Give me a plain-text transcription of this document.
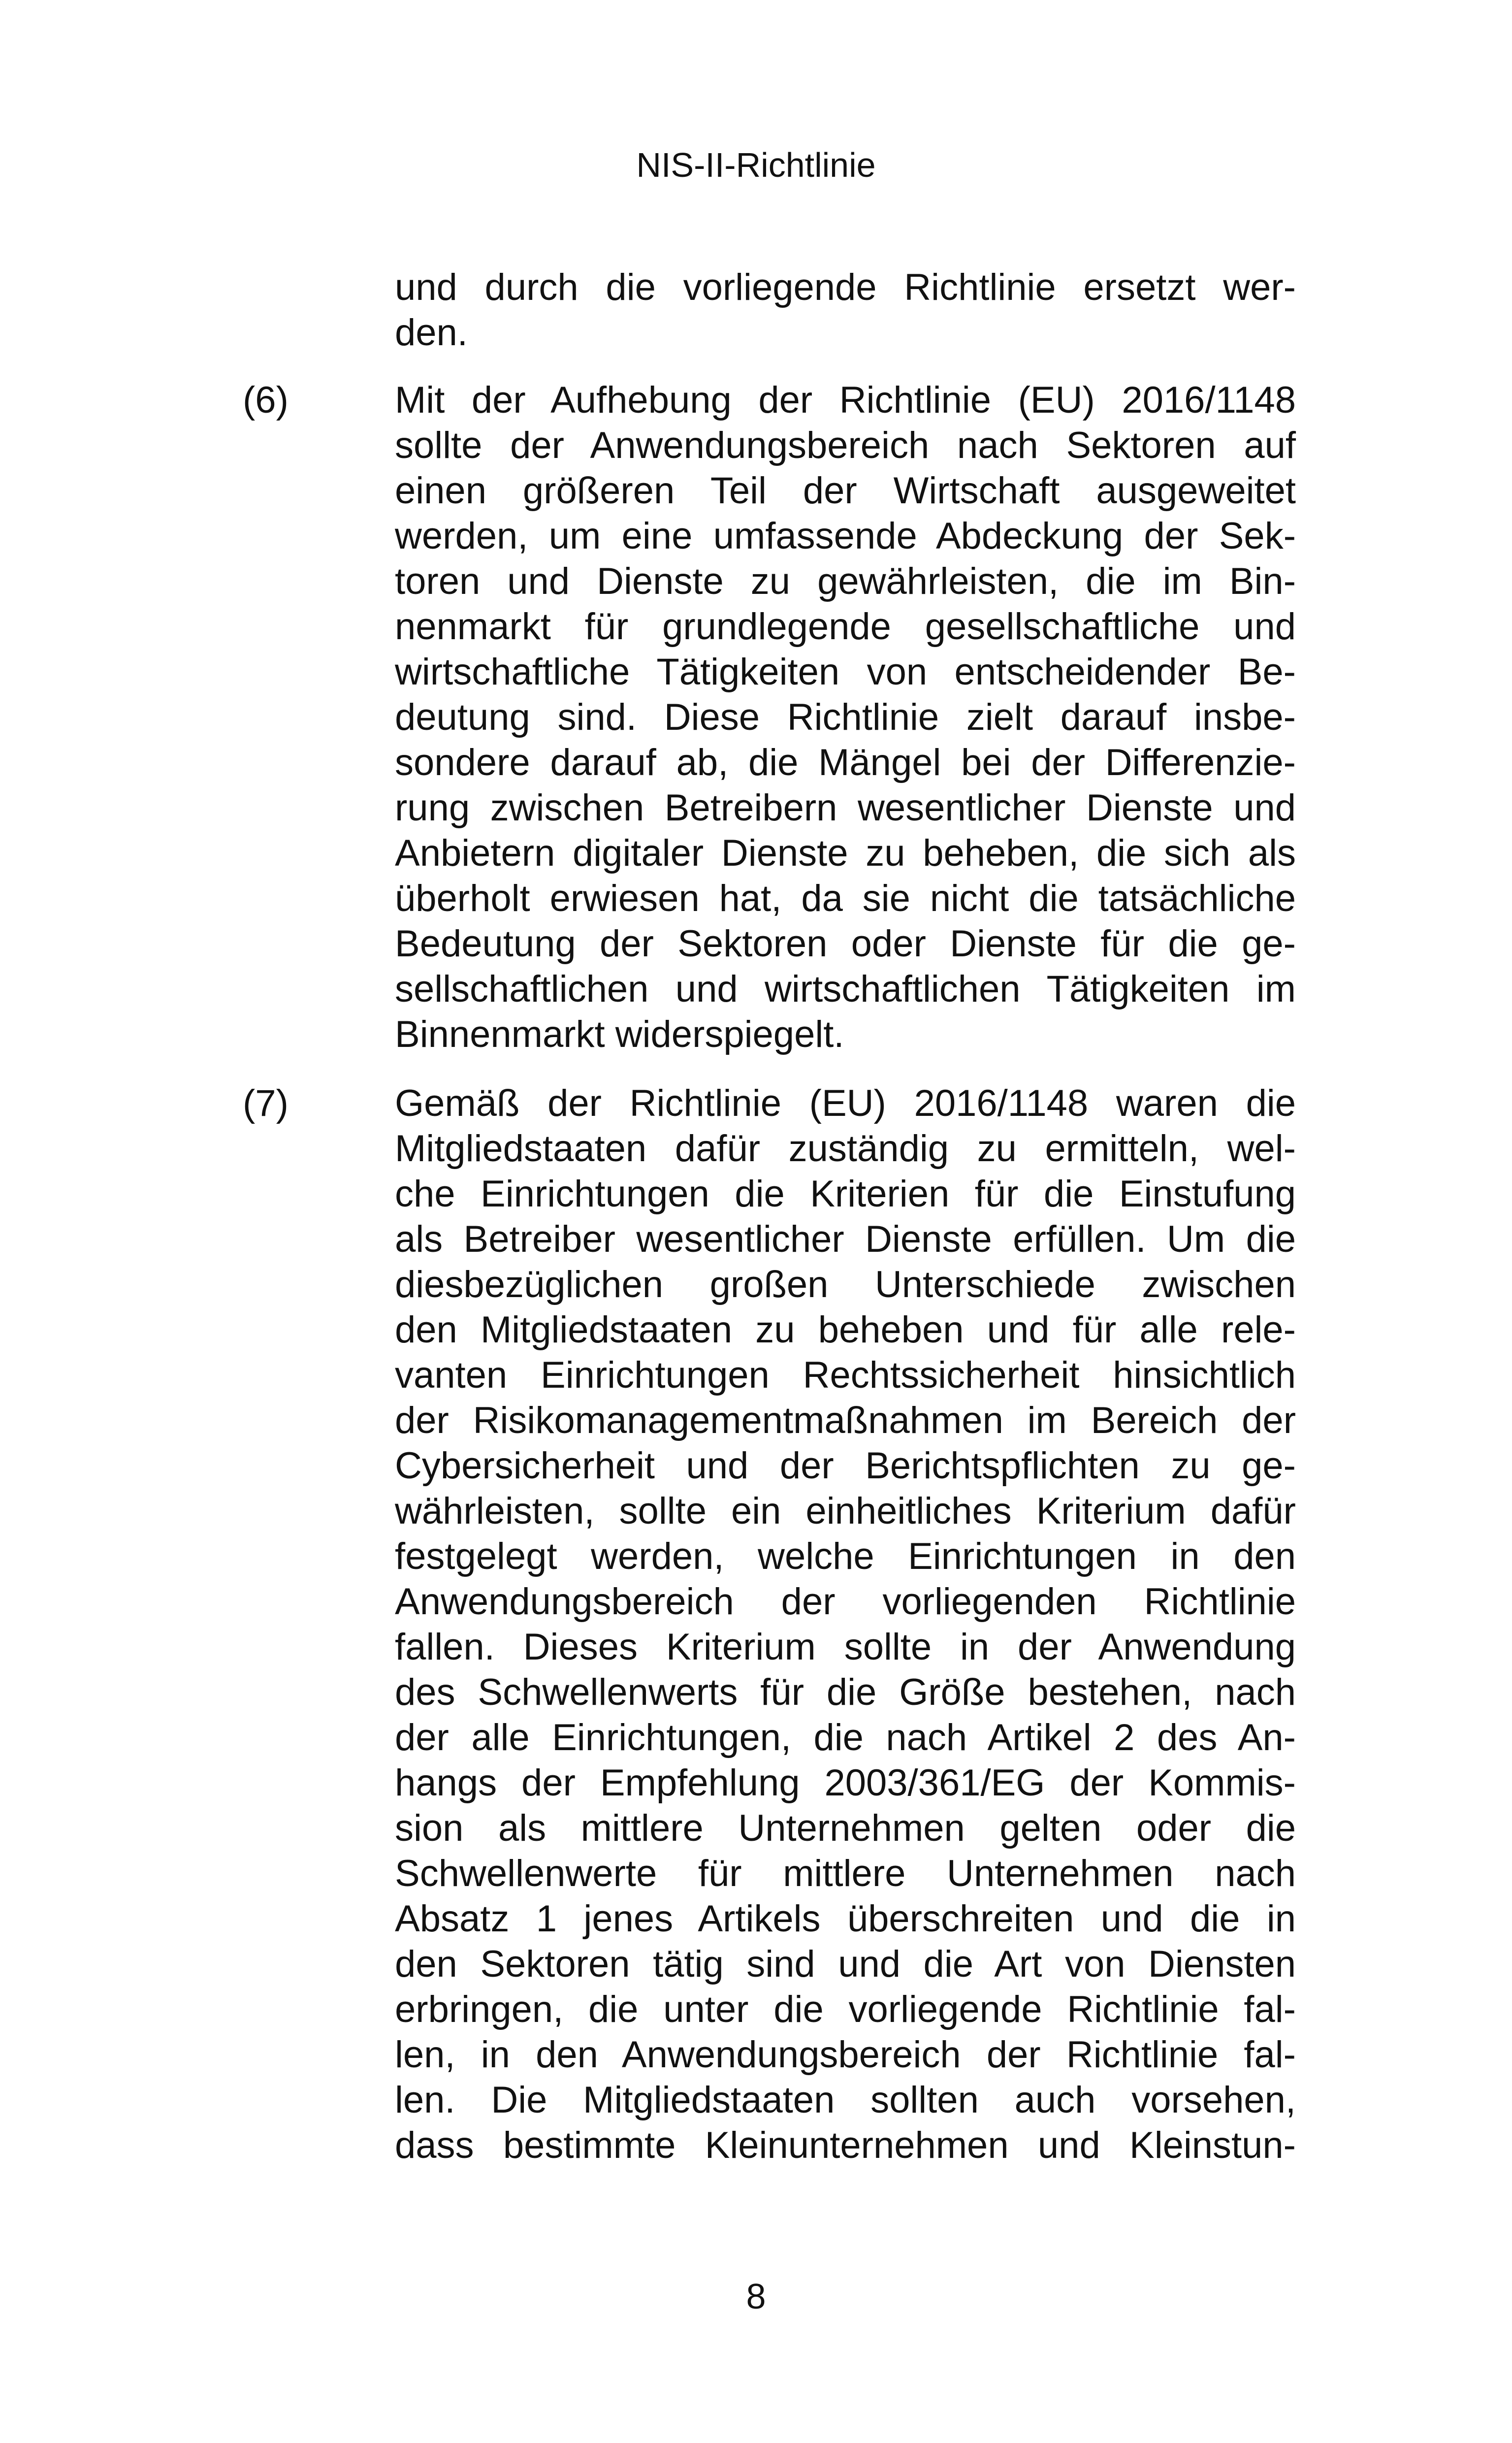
NIS-II-Richtlinie
und durch die vorliegende Richtlinie ersetzt wer-
den.
(6)	Mit der Aufhebung der Richtlinie (EU) 2016/1148
sollte der Anwendungsbereich nach Sektoren auf
einen größeren Teil der Wirtschaft ausgeweitet
werden, um eine umfassende Abdeckung der Sek-
toren und Dienste zu gewährleisten, die im Bin-
nenmarkt für grundlegende gesellschaftliche und
wirtschaftliche Tätigkeiten von entscheidender Be-
deutung sind. Diese Richtlinie zielt darauf insbe-
sondere darauf ab, die Mängel bei der Differenzie-
rung zwischen Betreibern wesentlicher Dienste und
Anbietern digitaler Dienste zu beheben, die sich als
überholt erwiesen hat, da sie nicht die tatsächliche
Bedeutung der Sektoren oder Dienste für die ge-
sellschaftlichen und wirtschaftlichen Tätigkeiten im
Binnenmarkt widerspiegelt.
(7)	Gemäß der Richtlinie (EU) 2016/1148 waren die
Mitgliedstaaten dafür zuständig zu ermitteln, wel-
che Einrichtungen die Kriterien für die Einstufung
als Betreiber wesentlicher Dienste erfüllen. Um die
diesbezüglichen großen Unterschiede zwischen
den Mitgliedstaaten zu beheben und für alle rele-
vanten Einrichtungen Rechtssicherheit hinsichtlich
der Risikomanagementmaßnahmen im Bereich der
Cybersicherheit und der Berichtspflichten zu ge-
währleisten, sollte ein einheitliches Kriterium dafür
festgelegt werden, welche Einrichtungen in den
Anwendungsbereich der vorliegenden Richtlinie
fallen. Dieses Kriterium sollte in der Anwendung
des Schwellenwerts für die Größe bestehen, nach
der alle Einrichtungen, die nach Artikel 2 des An-
hangs der Empfehlung 2003/361/EG der Kommis-
sion als mittlere Unternehmen gelten oder die
Schwellenwerte für mittlere Unternehmen nach
Absatz 1 jenes Artikels überschreiten und die in
den Sektoren tätig sind und die Art von Diensten
erbringen, die unter die vorliegende Richtlinie fal-
len, in den Anwendungsbereich der Richtlinie fal-
len. Die Mitgliedstaaten sollten auch vorsehen,
dass bestimmte Kleinunternehmen und Kleinstun-
8
